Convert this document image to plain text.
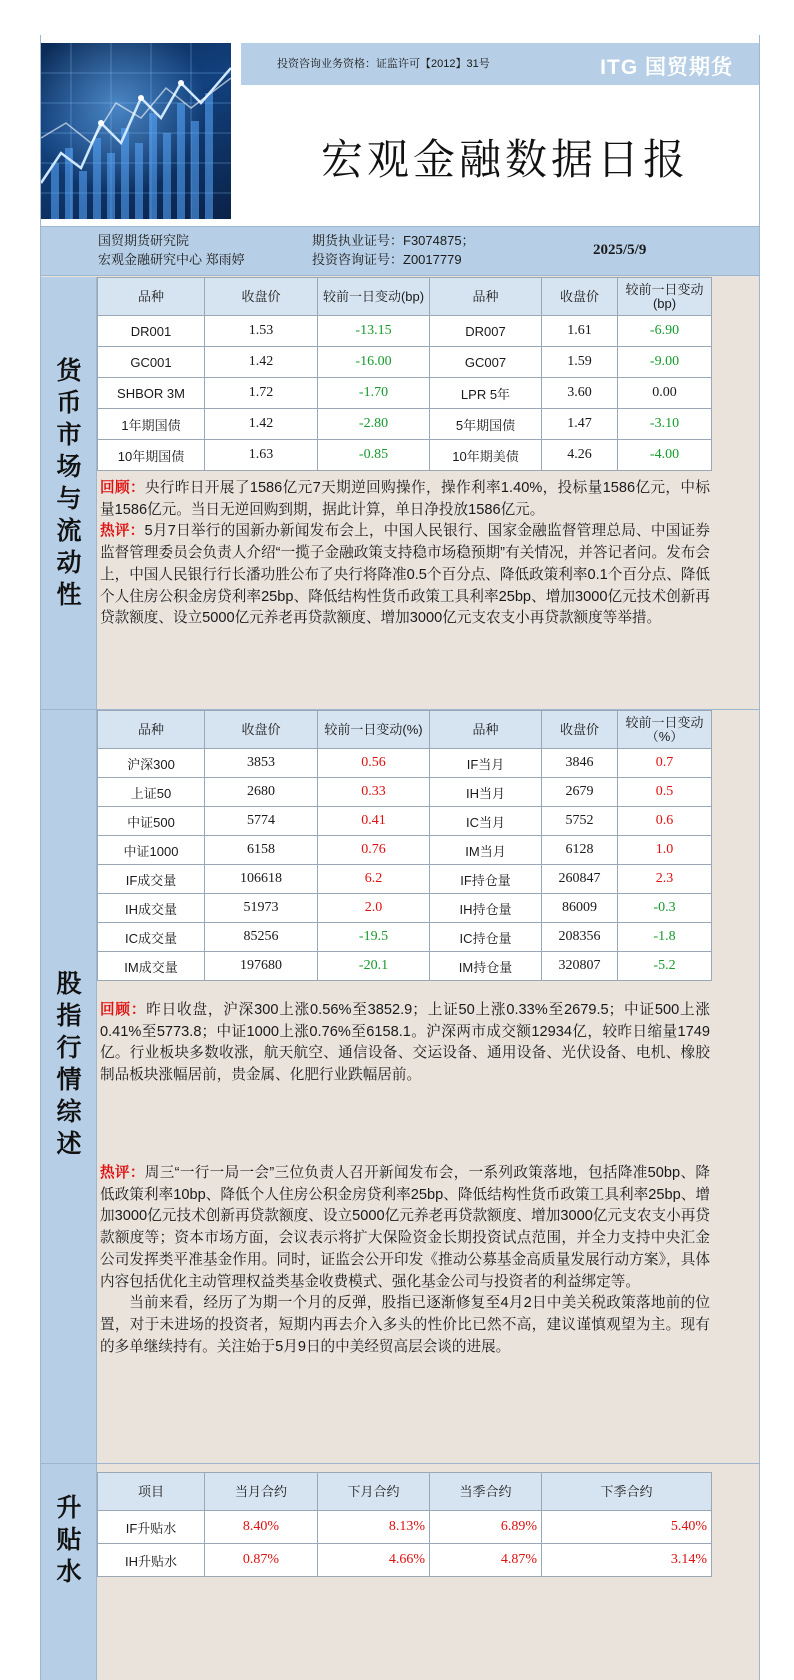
投资咨询业务资格：证监许可【2012】31号	ITG 国贸期货
宏观金融数据日报
国贸期货研究院
宏观金融研究中心 郑雨婷
期货执业证号：F3074875；
投资咨询证号：Z0017779
2025/5/9
货
币
市
场
与
流
动
性
品种	收盘价	较前一日变动(bp)	品种	收盘价	较前一日变动(bp)
DR001	1.53	-13.15	DR007	1.61	-6.90
GC001	1.42	-16.00	GC007	1.59	-9.00
SHBOR 3M	1.72	-1.70	LPR 5年	3.60	0.00
1年期国债	1.42	-2.80	5年期国债	1.47	-3.10
10年期国债	1.63	-0.85	10年期美债	4.26	-4.00

回顾：央行昨日开展了1586亿元7天期逆回购操作，操作利率1.40%，投标量1586亿元，中标量1586亿元。当日无逆回购到期，据此计算，单日净投放1586亿元。

热评：5月7日举行的国新办新闻发布会上，中国人民银行、国家金融监督管理总局、中国证券监督管理委员会负责人介绍“一揽子金融政策支持稳市场稳预期”有关情况，并答记者问。发布会上，中国人民银行行长潘功胜公布了央行将降准0.5个百分点、降低政策利率0.1个百分点、降低个人住房公积金房贷利率25bp、降低结构性货币政策工具利率25bp、增加3000亿元技术创新再贷款额度、设立5000亿元养老再贷款额度、增加3000亿元支农支小再贷款额度等举措。

股
指
行
情
综
述
品种	收盘价	较前一日变动(%)	品种	收盘价	较前一日变动（%）
沪深300	3853	0.56	IF当月	3846	0.7
上证50	2680	0.33	IH当月	2679	0.5
中证500	5774	0.41	IC当月	5752	0.6
中证1000	6158	0.76	IM当月	6128	1.0
IF成交量	106618	6.2	IF持仓量	260847	2.3
IH成交量	51973	2.0	IH持仓量	86009	-0.3
IC成交量	85256	-19.5	IC持仓量	208356	-1.8
IM成交量	197680	-20.1	IM持仓量	320807	-5.2

回顾：昨日收盘，沪深300上涨0.56%至3852.9；上证50上涨0.33%至2679.5；中证500上涨0.41%至5773.8；中证1000上涨0.76%至6158.1。沪深两市成交额12934亿，较昨日缩量1749亿。行业板块多数收涨，航天航空、通信设备、交运设备、通用设备、光伏设备、电机、橡胶制品板块涨幅居前，贵金属、化肥行业跌幅居前。

热评：周三“一行一局一会”三位负责人召开新闻发布会，一系列政策落地，包括降准50bp、降低政策利率10bp、降低个人住房公积金房贷利率25bp、降低结构性货币政策工具利率25bp、增加3000亿元技术创新再贷款额度、设立5000亿元养老再贷款额度、增加3000亿元支农支小再贷款额度等；资本市场方面，会议表示将扩大保险资金长期投资试点范围，并全力支持中央汇金公司发挥类平准基金作用。同时，证监会公开印发《推动公募基金高质量发展行动方案》，具体内容包括优化主动管理权益类基金收费模式、强化基金公司与投资者的利益绑定等。

当前来看，经历了为期一个月的反弹，股指已逐渐修复至4月2日中美关税政策落地前的位置，对于未进场的投资者，短期内再去介入多头的性价比已然不高，建议谨慎观望为主。现有的多单继续持有。关注始于5月9日的中美经贸高层会谈的进展。

升
贴
水
项目	当月合约	下月合约	当季合约	下季合约
IF升贴水	8.40%	8.13%	6.89%	5.40%
IH升贴水	0.87%	4.66%	4.87%	3.14%
